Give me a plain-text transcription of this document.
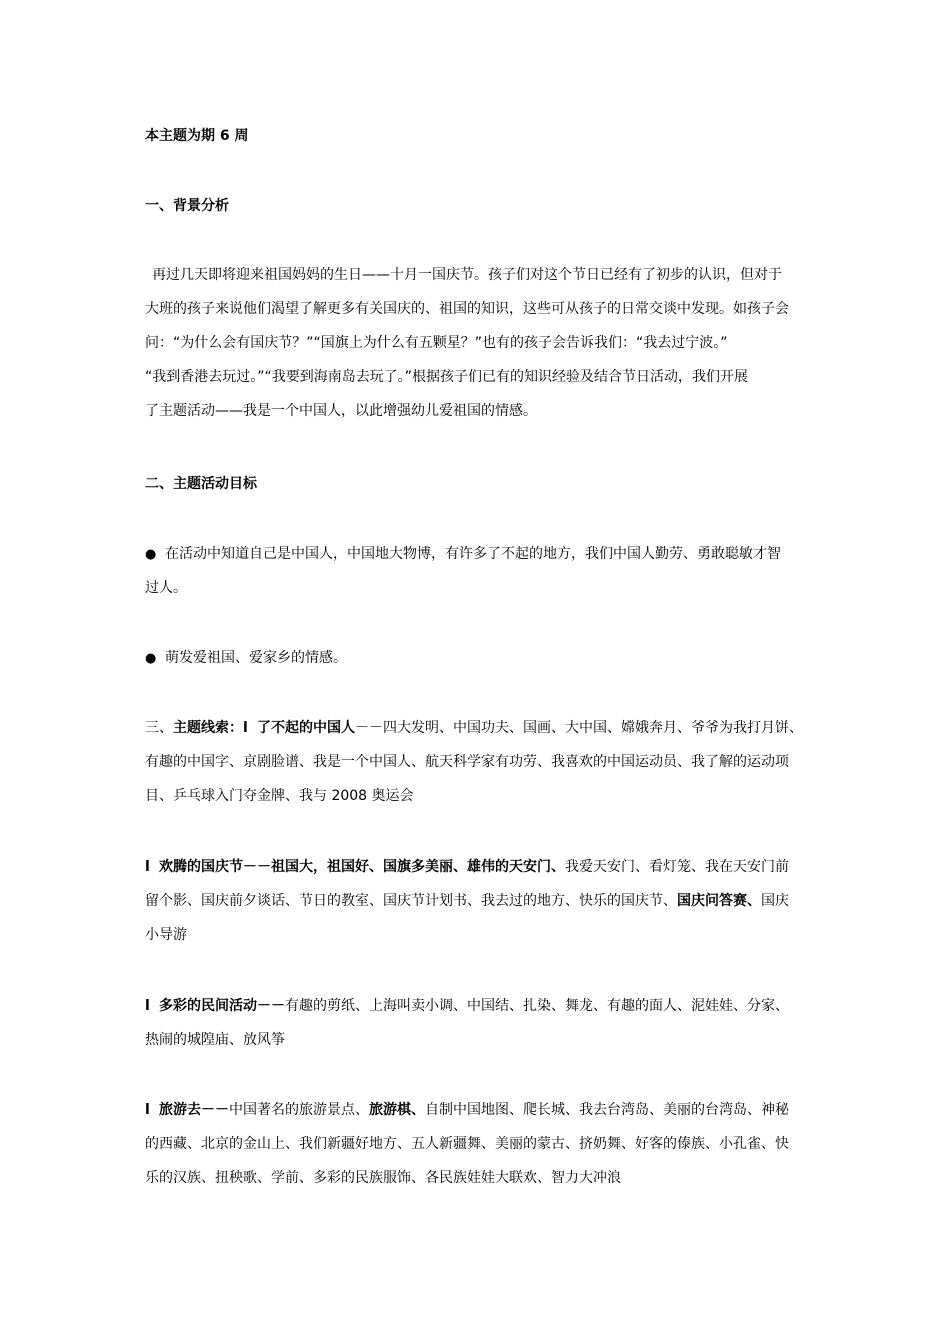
本主题为期 6 周
一、背景分析
再过几天即将迎来祖国妈妈的生日——十月一国庆节。孩子们对这个节日已经有了初步的认识，但对于
大班的孩子来说他们渴望了解更多有关国庆的、祖国的知识，这些可从孩子的日常交谈中发现。如孩子会
问：“为什么会有国庆节？”“国旗上为什么有五颗星？”也有的孩子会告诉我们：“我去过宁波。”
“我到香港去玩过。”“我要到海南岛去玩了。”根据孩子们已有的知识经验及结合节日活动，我们开展
了主题活动——我是一个中国人，以此增强幼儿爱祖国的情感。
二、主题活动目标
● 在活动中知道自己是中国人，中国地大物博，有许多了不起的地方，我们中国人勤劳、勇敢聪敏才智
过人。
● 萌发爱祖国、爱家乡的情感。
三、主题线索：l 了不起的中国人－－四大发明、中国功夫、国画、大中国、嫦娥奔月、爷爷为我打月饼、
有趣的中国字、京剧脸谱、我是一个中国人、航天科学家有功劳、我喜欢的中国运动员、我了解的运动项
目、乒乓球入门夺金牌、我与 2008 奥运会
l 欢腾的国庆节－－祖国大，祖国好、国旗多美丽、雄伟的天安门、我爱天安门、看灯笼、我在天安门前
留个影、国庆前夕谈话、节日的教室、国庆节计划书、我去过的地方、快乐的国庆节、国庆问答赛、国庆
小导游
l 多彩的民间活动－－有趣的剪纸、上海叫卖小调、中国结、扎染、舞龙、有趣的面人、泥娃娃、分家、
热闹的城隍庙、放风筝
l 旅游去－－中国著名的旅游景点、旅游棋、自制中国地图、爬长城、我去台湾岛、美丽的台湾岛、神秘
的西藏、北京的金山上、我们新疆好地方、五人新疆舞、美丽的蒙古、挤奶舞、好客的傣族、小孔雀、快
乐的汉族、扭秧歌、学前、多彩的民族服饰、各民族娃娃大联欢、智力大冲浪
